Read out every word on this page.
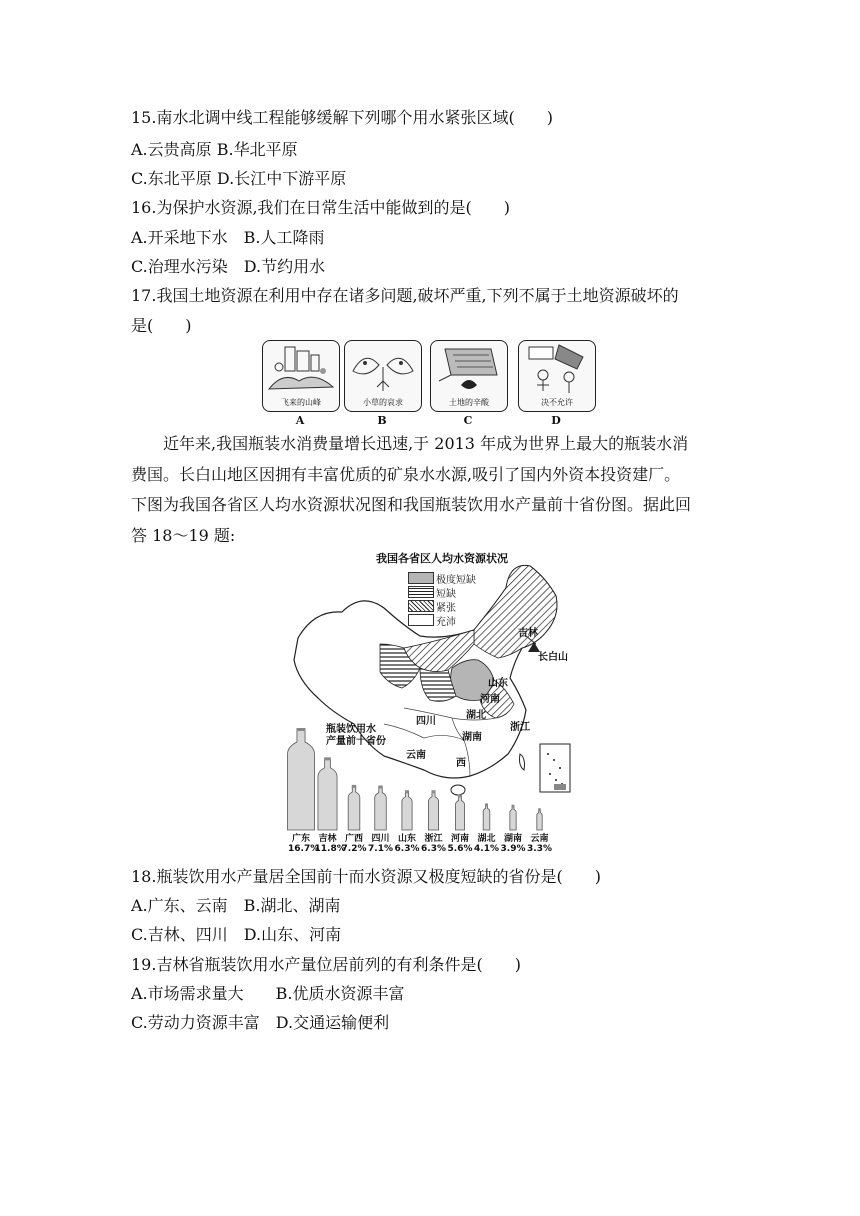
15.南水北调中线工程能够缓解下列哪个用水紧张区域(　　)
A.云贵高原 B.华北平原
C.东北平原 D.长江中下游平原
16.为保护水资源,我们在日常生活中能做到的是(　　)
A.开采地下水　B.人工降雨
C.治理水污染　D.节约用水
17.我国土地资源在利用中存在诸多问题,破坏严重,下列不属于土地资源破坏的
是(　　)
飞来的山峰	小草的哀求	土地的辛酸	决不允许
A	B	C	D
近年来,我国瓶装水消费量增长迅速,于 2013 年成为世界上最大的瓶装水消
费国。长白山地区因拥有丰富优质的矿泉水水源,吸引了国内外资本投资建厂。
下图为我国各省区人均水资源状况图和我国瓶装饮用水产量前十省份图。据此回
答 18～19 题:
我国各省区人均水资源状况
极度短缺
短缺
紧张
充沛
吉林
长白山
山东
河南
湖北
四川
浙江
湖南
云南
西
瓶装饮用水
产量前十省份
广东
16.7%
吉林
11.8%
广西
7.2%
四川
7.1%
山东
6.3%
浙江
6.3%
河南
5.6%
湖北
4.1%
湖南
3.9%
云南
3.3%
18.瓶装饮用水产量居全国前十而水资源又极度短缺的省份是(　　)
A.广东、云南　B.湖北、湖南
C.吉林、四川　D.山东、河南
19.吉林省瓶装饮用水产量位居前列的有利条件是(　　)
A.市场需求量大　　B.优质水资源丰富
C.劳动力资源丰富　D.交通运输便利
